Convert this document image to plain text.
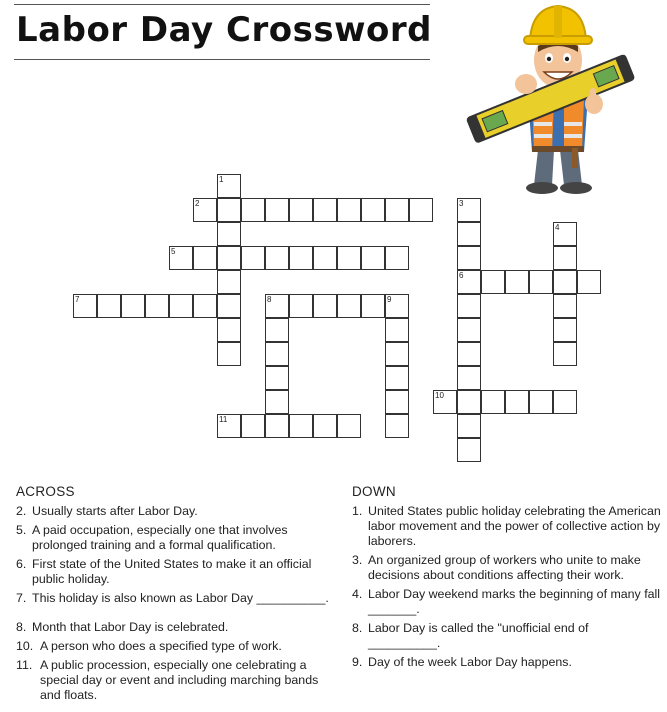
Labor Day Crossword
2
5
6
7	8	9
10
11
1
3
4
ACROSS
2. Usually starts after Labor Day.
5. A paid occupation, especially one that involves prolonged training and a formal qualification.
6. First state of the United States to make it an official public holiday.
7. This holiday is also known as Labor Day __________.
8. Month that Labor Day is celebrated.
10. A person who does a specified type of work.
11. A public procession, especially one celebrating a special day or event and including marching bands and floats.
DOWN
1. United States public holiday celebrating the American labor movement and the power of collective action by laborers.
3. An organized group of workers who unite to make decisions about conditions affecting their work.
4. Labor Day weekend marks the beginning of many fall _______.
8. Labor Day is called the "unofficial end of __________.
9. Day of the week Labor Day happens.
